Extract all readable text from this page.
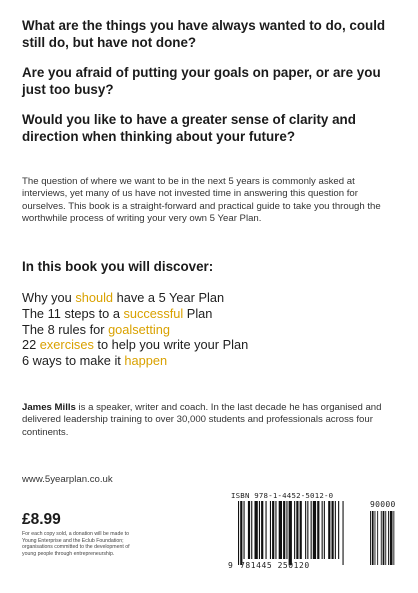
What are the things you have always wanted to do, could still do, but have not done?

Are you afraid of putting your goals on paper, or are you just too busy?

Would you like to have a greater sense of clarity and direction when thinking about your future?

The question of where we want to be in the next 5 years is commonly asked at interviews, yet many of us have not invested time in answering this question for ourselves. This book is a straight-forward and practical guide to take you through the worthwhile process of writing your very own 5 Year Plan.

In this book you will discover:
Why you should have a 5 Year Plan
The 11 steps to a successful Plan
The 8 rules for goalsetting
22 exercises to help you write your Plan
6 ways to make it happen

James Mills is a speaker, writer and coach. In the last decade he has organised and delivered leadership training to over 30,000 students and professionals across four continents.

www.5yearplan.co.uk
£8.99

For each copy sold, a donation will be made to Young Enterprise and the Eclub Foundation; organisations committed to the development of young people through entrepreneurship.

ISBN 978-1-4452-5012-0
9 781445 250120
90000
